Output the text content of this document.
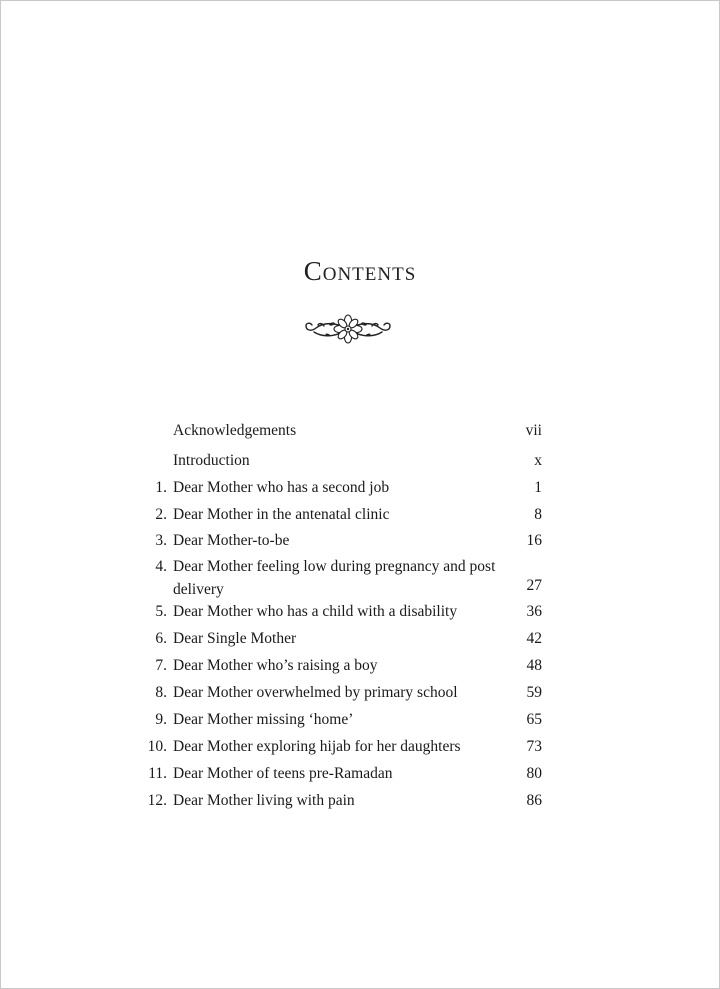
Contents
Acknowledgements	vii
Introduction	x
1. Dear Mother who has a second job	1
2. Dear Mother in the antenatal clinic	8
3. Dear Mother-to-be	16
4. Dear Mother feeling low during pregnancy and post delivery	27
5. Dear Mother who has a child with a disability	36
6. Dear Single Mother	42
7. Dear Mother who’s raising a boy	48
8. Dear Mother overwhelmed by primary school	59
9. Dear Mother missing ‘home’	65
10. Dear Mother exploring hijab for her daughters	73
11. Dear Mother of teens pre-Ramadan	80
12. Dear Mother living with pain	86
